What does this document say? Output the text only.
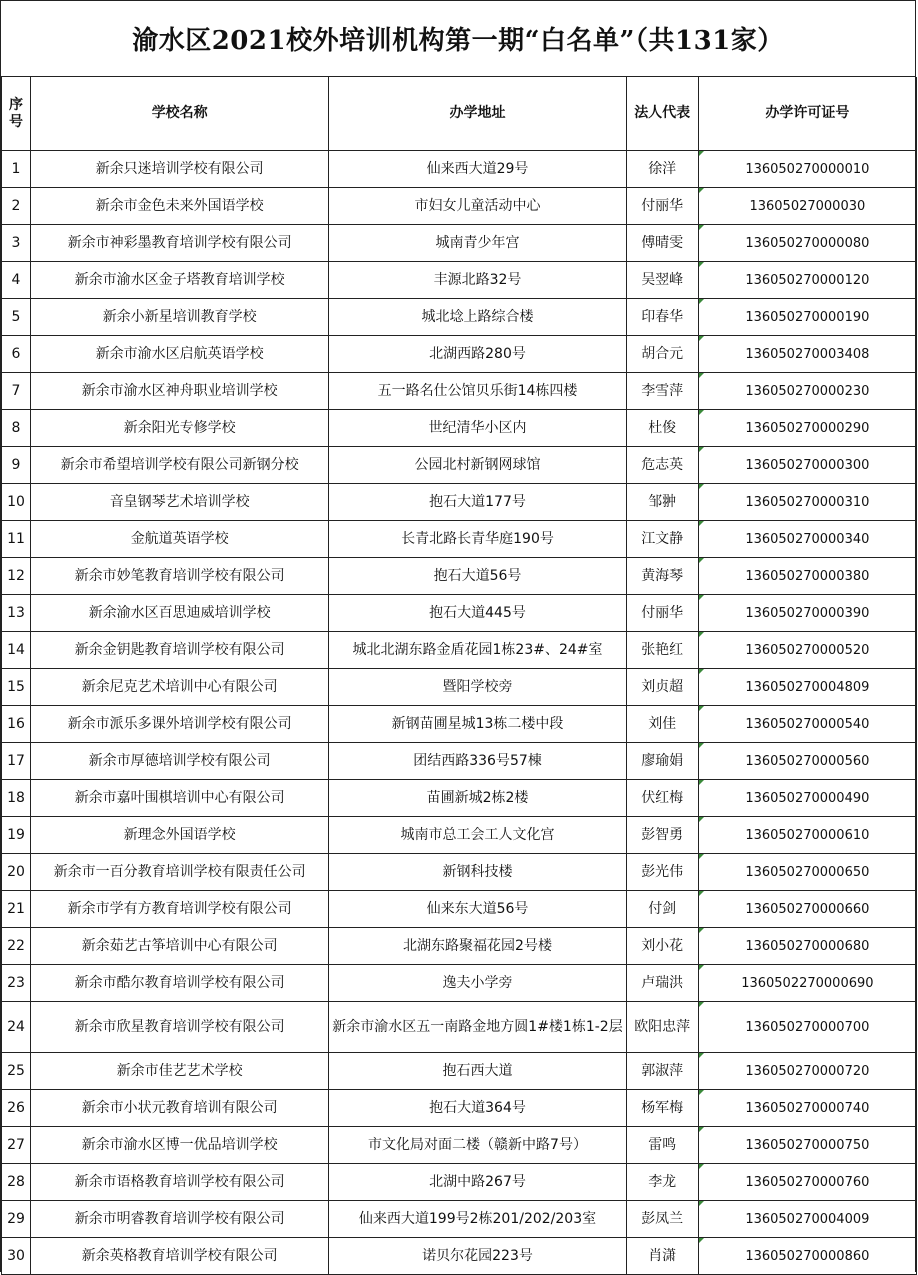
渝水区2021校外培训机构第一期“白名单”（共131家）
序号	学校名称	办学地址	法人代表	办学许可证号
1	新余只迷培训学校有限公司	仙来西大道29号	徐洋	136050270000010
2	新余市金色未来外国语学校	市妇女儿童活动中心	付丽华	13605027000030
3	新余市神彩墨教育培训学校有限公司	城南青少年宫	傅晴雯	136050270000080
4	新余市渝水区金子塔教育培训学校	丰源北路32号	吴翌峰	136050270000120
5	新余小新星培训教育学校	城北埝上路综合楼	印春华	136050270000190
6	新余市渝水区启航英语学校	北湖西路280号	胡合元	136050270003408
7	新余市渝水区神舟职业培训学校	五一路名仕公馆贝乐街14栋四楼	李雪萍	136050270000230
8	新余阳光专修学校	世纪清华小区内	杜俊	136050270000290
9	新余市希望培训学校有限公司新钢分校	公园北村新钢网球馆	危志英	136050270000300
10	音皇钢琴艺术培训学校	抱石大道177号	邹翀	136050270000310
11	金航道英语学校	长青北路长青华庭190号	江文静	136050270000340
12	新余市妙笔教育培训学校有限公司	抱石大道56号	黄海琴	136050270000380
13	新余渝水区百思迪威培训学校	抱石大道445号	付丽华	136050270000390
14	新余金钥匙教育培训学校有限公司	城北北湖东路金盾花园1栋23#、24#室	张艳红	136050270000520
15	新余尼克艺术培训中心有限公司	暨阳学校旁	刘贞超	136050270004809
16	新余市派乐多课外培训学校有限公司	新钢苗圃星城13栋二楼中段	刘佳	136050270000540
17	新余市厚德培训学校有限公司	团结西路336号57棟	廖瑜娟	136050270000560
18	新余市嘉叶围棋培训中心有限公司	苗圃新城2栋2楼	伏红梅	136050270000490
19	新理念外国语学校	城南市总工会工人文化宫	彭智勇	136050270000610
20	新余市一百分教育培训学校有限责任公司	新钢科技楼	彭光伟	136050270000650
21	新余市学有方教育培训学校有限公司	仙来东大道56号	付剑	136050270000660
22	新余茹艺古筝培训中心有限公司	北湖东路聚福花园2号楼	刘小花	136050270000680
23	新余市酷尔教育培训学校有限公司	逸夫小学旁	卢瑞洪	1360502270000690
24	新余市欣星教育培训学校有限公司	新余市渝水区五一南路金地方圆1#楼1栋1-2层	欧阳忠萍	136050270000700
25	新余市佳艺艺术学校	抱石西大道	郭淑萍	136050270000720
26	新余市小状元教育培训有限公司	抱石大道364号	杨军梅	136050270000740
27	新余市渝水区博一优品培训学校	市文化局对面二楼（赣新中路7号）	雷鸣	136050270000750
28	新余市语格教育培训学校有限公司	北湖中路267号	李龙	136050270000760
29	新余市明睿教育培训学校有限公司	仙来西大道199号2栋201/202/203室	彭凤兰	136050270004009
30	新余英格教育培训学校有限公司	诺贝尔花园223号	肖潇	136050270000860
